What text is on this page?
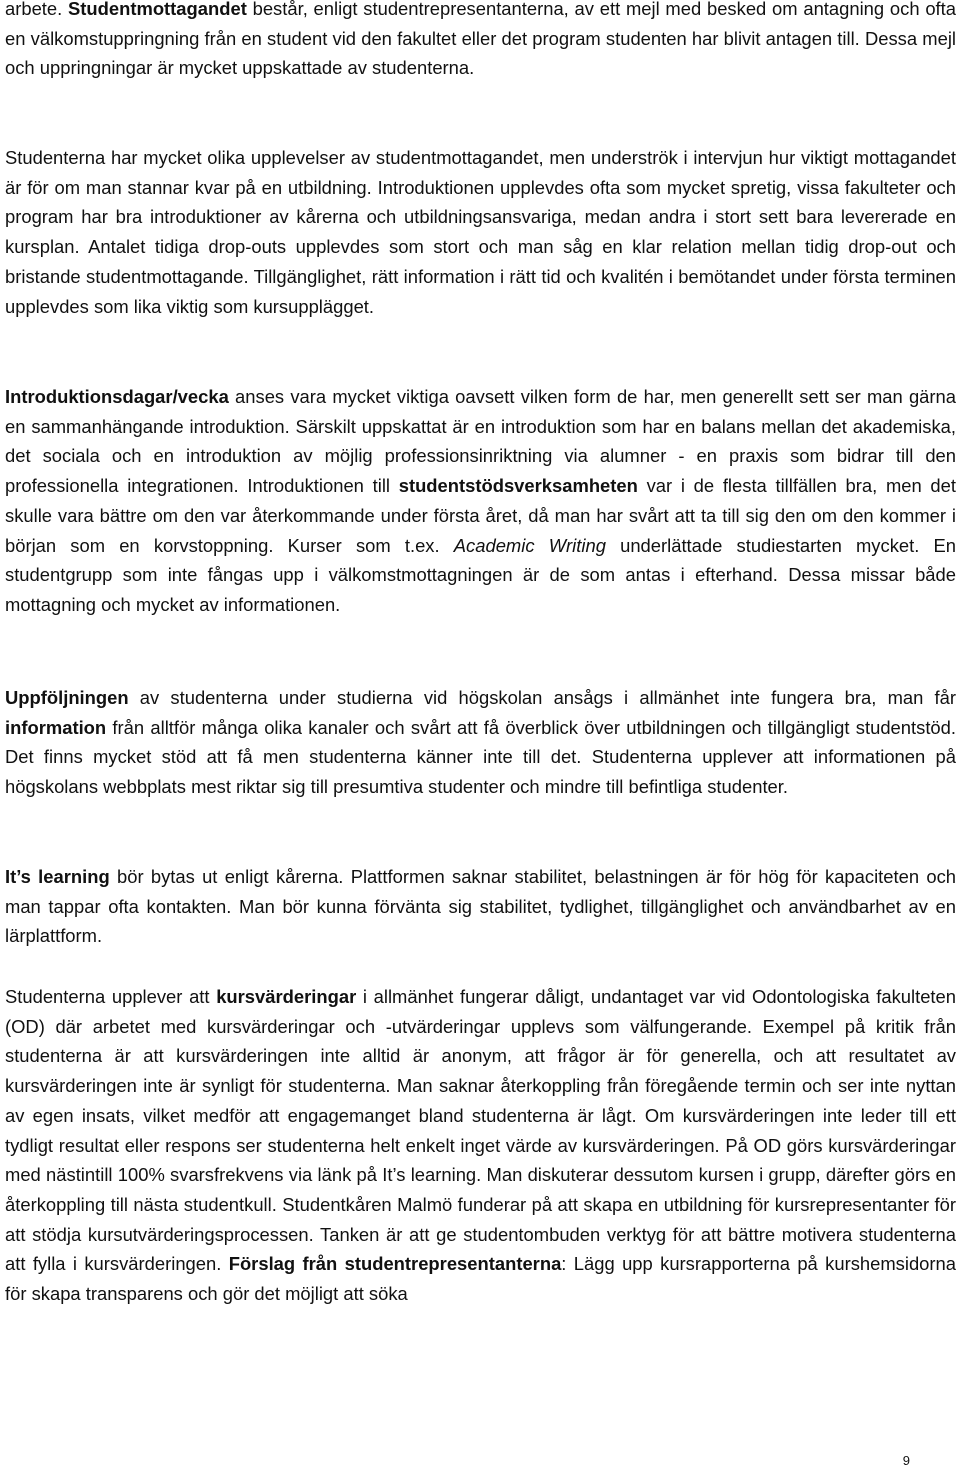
arbete. Studentmottagandet består, enligt studentrepresentanterna, av ett mejl med besked om antagning och ofta en välkomstuppringning från en student vid den fakultet eller det program studenten har blivit antagen till. Dessa mejl och uppringningar är mycket uppskattade av studenterna.

Studenterna har mycket olika upplevelser av studentmottagandet, men underströk i intervjun hur viktigt mottagandet är för om man stannar kvar på en utbildning. Introduktionen upplevdes ofta som mycket spretig, vissa fakulteter och program har bra introduktioner av kårerna och utbildningsansvariga, medan andra i stort sett bara levererade en kursplan. Antalet tidiga drop-outs upplevdes som stort och man såg en klar relation mellan tidig drop-out och bristande studentmottagande. Tillgänglighet, rätt information i rätt tid och kvalitén i bemötandet under första terminen upplevdes som lika viktig som kursupplägget.

Introduktionsdagar/vecka anses vara mycket viktiga oavsett vilken form de har, men generellt sett ser man gärna en sammanhängande introduktion. Särskilt uppskattat är en introduktion som har en balans mellan det akademiska, det sociala och en introduktion av möjlig professionsinriktning via alumner - en praxis som bidrar till den professionella integrationen. Introduktionen till studentstödsverksamheten var i de flesta tillfällen bra, men det skulle vara bättre om den var återkommande under första året, då man har svårt att ta till sig den om den kommer i början som en korvstoppning. Kurser som t.ex. Academic Writing underlättade studiestarten mycket. En studentgrupp som inte fångas upp i välkomstmottagningen är de som antas i efterhand. Dessa missar både mottagning och mycket av informationen.

Uppföljningen av studenterna under studierna vid högskolan ansågs i allmänhet inte fungera bra, man får information från alltför många olika kanaler och svårt att få överblick över utbildningen och tillgängligt studentstöd. Det finns mycket stöd att få men studenterna känner inte till det. Studenterna upplever att informationen på högskolans webbplats mest riktar sig till presumtiva studenter och mindre till befintliga studenter.

It’s learning bör bytas ut enligt kårerna. Plattformen saknar stabilitet, belastningen är för hög för kapaciteten och man tappar ofta kontakten. Man bör kunna förvänta sig stabilitet, tydlighet, tillgänglighet och användbarhet av en lärplattform.

Studenterna upplever att kursvärderingar i allmänhet fungerar dåligt, undantaget var vid Odontologiska fakulteten (OD) där arbetet med kursvärderingar och -utvärderingar upplevs som välfungerande. Exempel på kritik från studenterna är att kursvärderingen inte alltid är anonym, att frågor är för generella, och att resultatet av kursvärderingen inte är synligt för studenterna. Man saknar återkoppling från föregående termin och ser inte nyttan av egen insats, vilket medför att engagemanget bland studenterna är lågt. Om kursvärderingen inte leder till ett tydligt resultat eller respons ser studenterna helt enkelt inget värde av kursvärderingen. På OD görs kursvärderingar med nästintill 100% svarsfrekvens via länk på It’s learning. Man diskuterar dessutom kursen i grupp, därefter görs en återkoppling till nästa studentkull. Studentkåren Malmö funderar på att skapa en utbildning för kursrepresentanter för att stödja kursutvärderingsprocessen. Tanken är att ge studentombuden verktyg för att bättre motivera studenterna att fylla i kursvärderingen. Förslag från studentrepresentanterna: Lägg upp kursrapporterna på kurshemsidorna för skapa transparens och gör det möjligt att söka

9
